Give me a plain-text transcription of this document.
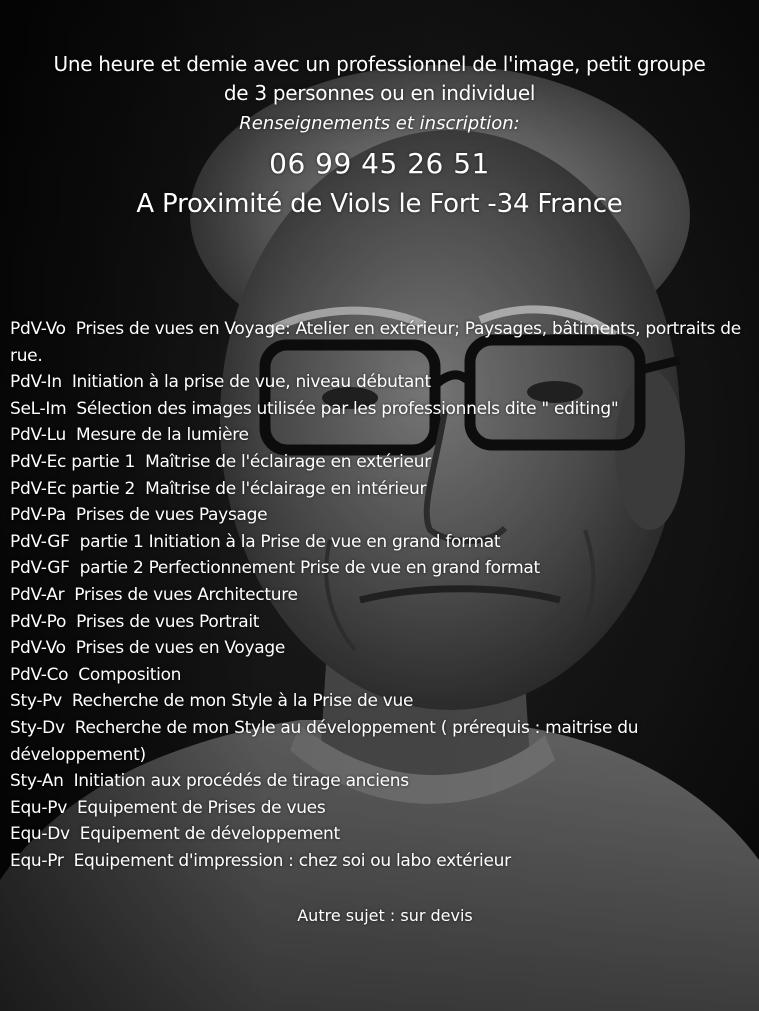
Une heure et demie avec un professionnel de l'image, petit groupe
de 3 personnes ou en individuel
Renseignements et inscription:
06 99 45 26 51
A Proximité de Viols le Fort -34 France
PdV-Vo Prises de vues en Voyage: Atelier en extérieur; Paysages, bâtiments, portraits de rue.
PdV-In Initiation à la prise de vue, niveau débutant
SeL-Im Sélection des images utilisée par les professionnels dite " editing"
PdV-Lu Mesure de la lumière
PdV-Ec partie 1 Maîtrise de l'éclairage en extérieur
PdV-Ec partie 2 Maîtrise de l'éclairage en intérieur
PdV-Pa Prises de vues Paysage
PdV-GF partie 1 Initiation à la Prise de vue en grand format
PdV-GF partie 2 Perfectionnement Prise de vue en grand format
PdV-Ar Prises de vues Architecture
PdV-Po Prises de vues Portrait
PdV-Vo Prises de vues en Voyage
PdV-Co Composition
Sty-Pv Recherche de mon Style à la Prise de vue
Sty-Dv Recherche de mon Style au développement ( prérequis : maitrise du développement)
Sty-An Initiation aux procédés de tirage anciens
Equ-Pv Equipement de Prises de vues
Equ-Dv Equipement de développement
Equ-Pr Equipement d'impression : chez soi ou labo extérieur
Autre sujet : sur devis
